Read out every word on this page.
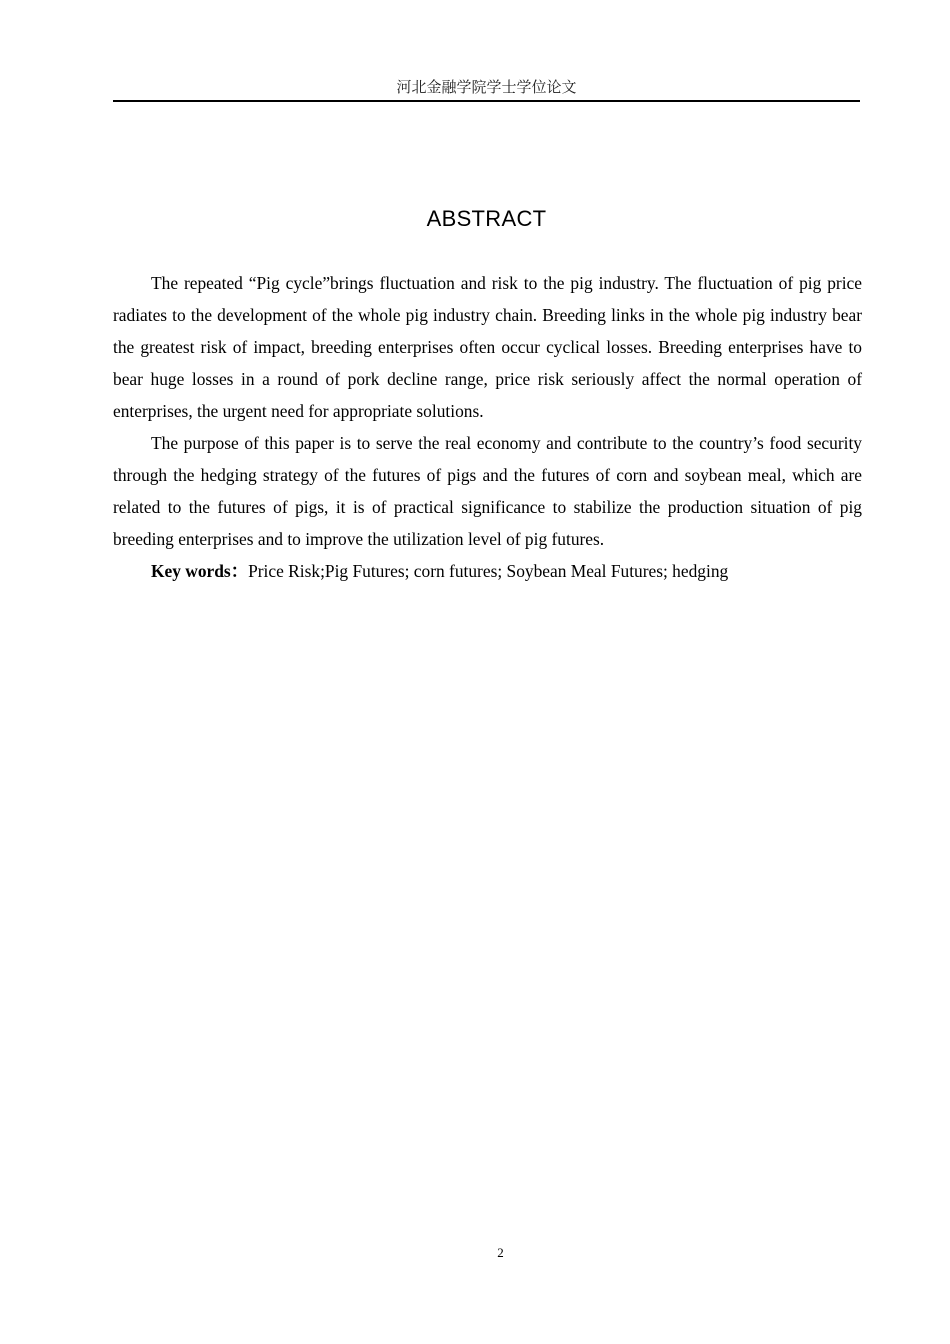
河北金融学院学士学位论文
ABSTRACT

The repeated “Pig cycle”brings fluctuation and risk to the pig industry. The fluctuation of pig price radiates to the development of the whole pig industry chain. Breeding links in the whole pig industry bear the greatest risk of impact, breeding enterprises often occur cyclical losses. Breeding enterprises have to bear huge losses in a round of pork decline range, price risk seriously affect the normal operation of enterprises, the urgent need for appropriate solutions.

The purpose of this paper is to serve the real economy and contribute to the country’s food security through the hedging strategy of the futures of pigs and the futures of corn and soybean meal, which are related to the futures of pigs, it is of practical significance to stabilize the production situation of pig breeding enterprises and to improve the utilization level of pig futures.

Key words：Price Risk;Pig Futures; corn futures; Soybean Meal Futures; hedging

2
